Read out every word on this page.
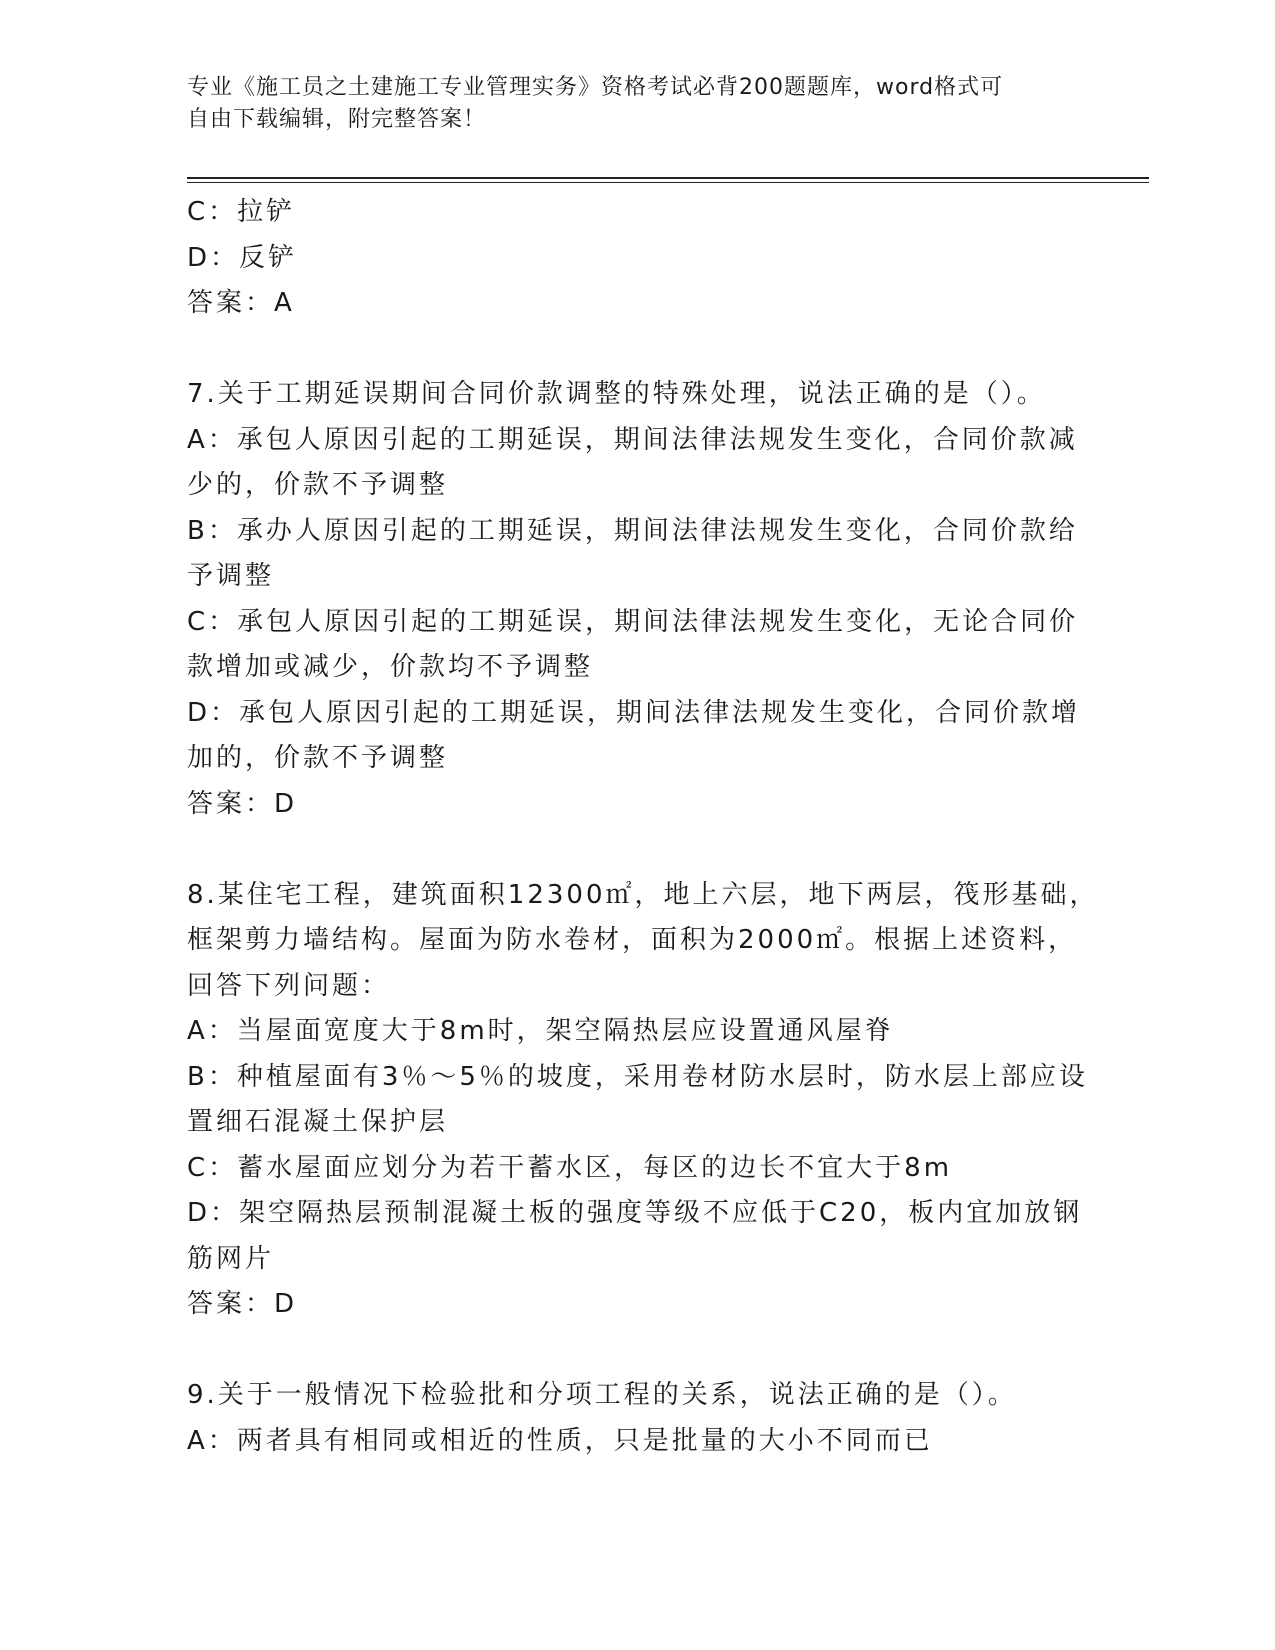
专业《施工员之土建施工专业管理实务》资格考试必背200题题库，word格式可
自由下载编辑，附完整答案！
C：拉铲
D：反铲
答案：A
7.关于工期延误期间合同价款调整的特殊处理，说法正确的是（）。
A：承包人原因引起的工期延误，期间法律法规发生变化，合同价款减
少的，价款不予调整
B：承办人原因引起的工期延误，期间法律法规发生变化，合同价款给
予调整
C：承包人原因引起的工期延误，期间法律法规发生变化，无论合同价
款增加或减少，价款均不予调整
D：承包人原因引起的工期延误，期间法律法规发生变化，合同价款增
加的，价款不予调整
答案：D
8.某住宅工程，建筑面积12300㎡，地上六层，地下两层，筏形基础，
框架剪力墙结构。屋面为防水卷材，面积为2000㎡。根据上述资料，
回答下列问题：
A：当屋面宽度大于8m时，架空隔热层应设置通风屋脊
B：种植屋面有3％～5％的坡度，采用卷材防水层时，防水层上部应设
置细石混凝土保护层
C：蓄水屋面应划分为若干蓄水区，每区的边长不宜大于8m
D：架空隔热层预制混凝土板的强度等级不应低于C20，板内宜加放钢
筋网片
答案：D
9.关于一般情况下检验批和分项工程的关系，说法正确的是（）。
A：两者具有相同或相近的性质，只是批量的大小不同而已
